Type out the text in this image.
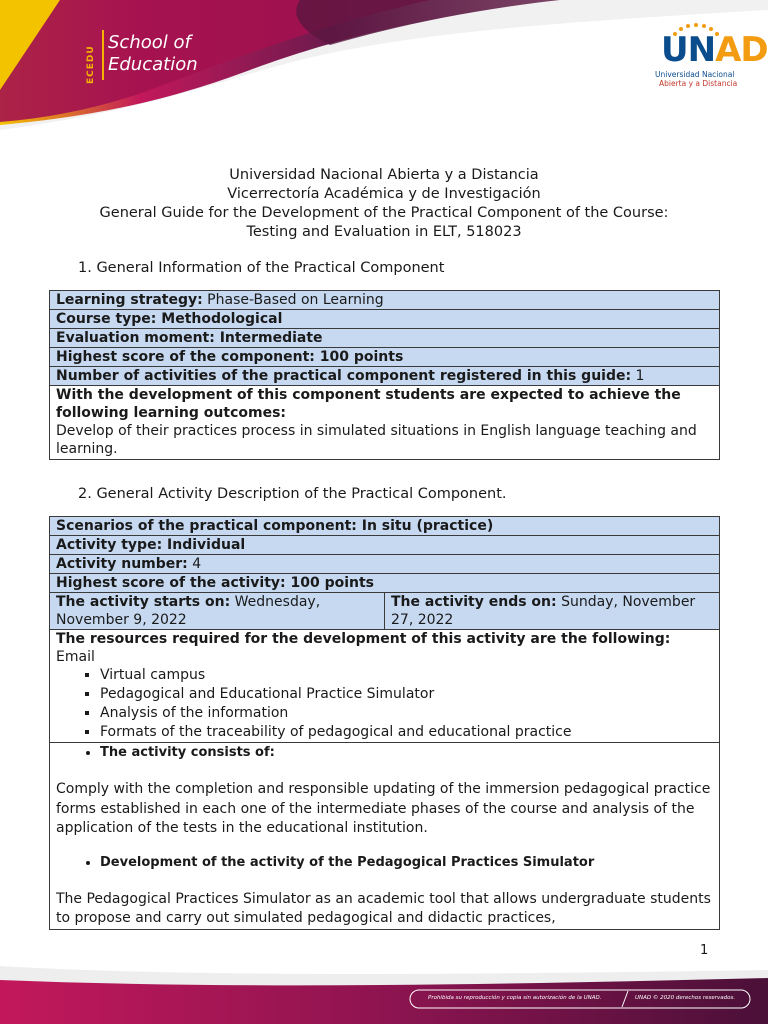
ECEDU
School of
Education	UNAD
Universidad Nacional
Abierta y a Distancia
Universidad Nacional Abierta y a Distancia
Vicerrectoría Académica y de Investigación
General Guide for the Development of the Practical Component of the Course:
Testing and Evaluation in ELT, 518023
1. General Information of the Practical Component
Learning strategy: Phase-Based on Learning
Course type: Methodological
Evaluation moment: Intermediate
Highest score of the component: 100 points
Number of activities of the practical component registered in this guide: 1

With the development of this component students are expected to achieve the following learning outcomes:
Develop of their practices process in simulated situations in English language teaching and learning.
2. General Activity Description of the Practical Component.
Scenarios of the practical component: In situ (practice)
Activity type: Individual
Activity number: 4
Highest score of the activity: 100 points
The activity starts on: Wednesday, November 9, 2022	The activity ends on: Sunday, November 27, 2022

The resources required for the development of this activity are the following:
Email
▪ Virtual campus
▪ Pedagogical and Educational Practice Simulator
▪ Analysis of the information
▪ Formats of the traceability of pedagogical and educational practice

• The activity consists of:
Comply with the completion and responsible updating of the immersion pedagogical practice forms established in each one of the intermediate phases of the course and analysis of the application of the tests in the educational institution.
• Development of the activity of the Pedagogical Practices Simulator
The Pedagogical Practices Simulator as an academic tool that allows undergraduate students to propose and carry out simulated pedagogical and didactic practices,
1
Prohibida su reproducción y copia sin autorización de la UNAD.	UNAD © 2020 derechos reservados.
